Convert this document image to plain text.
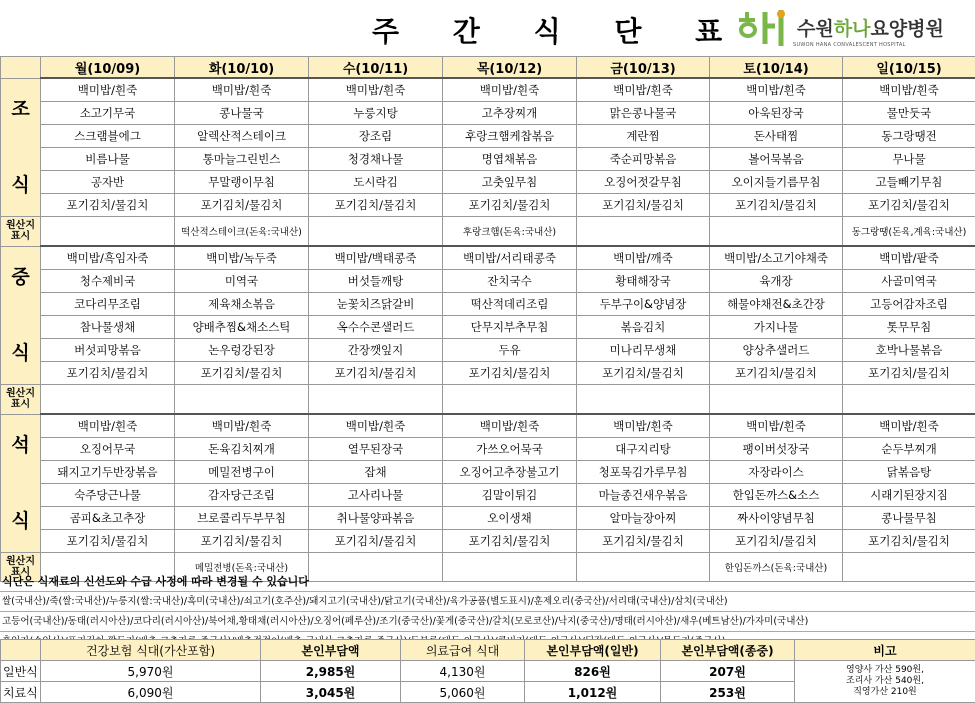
주 간 식 단 표	수원하나요양병원
SUWON HANA CONVALESCENT HOSPITAL
	월(10/09)	화(10/10)	수(10/11)	목(10/12)	금(10/13)	토(10/14)	일(10/15)
조

식	백미밥/흰죽	백미밥/흰죽	백미밥/흰죽	백미밥/흰죽	백미밥/흰죽	백미밥/흰죽	백미밥/흰죽
	소고기무국	콩나물국	누룽지탕	고추장찌개	맑은콩나물국	아욱된장국	물만둣국
	스크램블에그	알렉산적스테이크	장조림	후랑크햄케찹볶음	계란찜	돈사태찜	동그랑땡전
	비름나물	통마늘그린빈스	청경채나물	명엽채볶음	죽순피망볶음	볼어묵볶음	무나물
	공자반	무말랭이무침	도시락김	고춧잎무침	오징어젓갈무침	오이지들기름무침	고들빼기무침
	포기김치/물김치	포기김치/물김치	포기김치/물김치	포기김치/물김치	포기김치/물김치	포기김치/물김치	포기김치/물김치
원산지
표시		떡산적스테이크(돈육:국내산)		후랑크햄(돈육:국내산)			동그랑땡(돈육,계육:국내산)
중

식	백미밥/흑임자죽	백미밥/녹두죽	백미밥/백태콩죽	백미밥/서리태콩죽	백미밥/깨죽	백미밥/소고기야채죽	백미밥/팥죽
	청수제비국	미역국	버섯들깨탕	잔치국수	황태해장국	육개장	사골미역국
	코다리무조림	제육채소볶음	눈꽃치즈닭갈비	떡산적데리조림	두부구이&양념장	해물야채전&초간장	고등어감자조림
	참나물생채	양배추찜&채소스틱	옥수수콘샐러드	단무지부추무침	볶음김치	가지나물	톳무무침
	버섯피망볶음	논우렁강된장	간장깻잎지	두유	미나리무생채	양상추샐러드	호박나물볶음
	포기김치/물김치	포기김치/물김치	포기김치/물김치	포기김치/물김치	포기김치/물김치	포기김치/물김치	포기김치/물김치
원산지
표시							
석

식	백미밥/흰죽	백미밥/흰죽	백미밥/흰죽	백미밥/흰죽	백미밥/흰죽	백미밥/흰죽	백미밥/흰죽
	오징어무국	돈육김치찌개	열무된장국	가쓰오어묵국	대구지리탕	팽이버섯장국	순두부찌개
	돼지고기두반장볶음	메밀전병구이	잡채	오징어고추장불고기	청포묵김가루무침	자장라이스	닭볶음탕
	숙주당근나물	감자당근조림	고사리나물	김말이튀김	마늘종건새우볶음	한입돈까스&소스	시래기된장지짐
	곰피&초고추장	브로콜리두부무침	취나물양파볶음	오이생채	알마늘장아찌	짜사이양념무침	콩나물무침
	포기김치/물김치	포기김치/물김치	포기김치/물김치	포기김치/물김치	포기김치/물김치	포기김치/물김치	포기김치/물김치
원산지
표시		메밀전병(돈육:국내산)				한입돈까스(돈육:국내산)	
식단은 식재료의 신선도와 수급 사정에 따라 변경될 수 있습니다
쌀(국내산)/죽(쌀:국내산)/누룽지(쌀:국내산)/흑미(국내산)/쇠고기(호주산)/돼지고기(국내산)/닭고기(국내산)/육가공품(별도표시)/훈제오리(중국산)/서리태(국내산)/삼치(국내산)
고등어(국내산)/동태(러시아산)/코다리(러시아산)/북어채,황태채(러시아산)/오징어(페루산)/조기(중국산)/꽃게(중국산)/갈치(모로코산)/낙지(중국산)/명태(러시아산)/새우(베트남산)/가자미(국내산)
	건강보험 식대(가산포함)	본인부담액	의료급여 식대	본인부담액(일반)	본인부담액(종중)	비고
일반식	5,970원	2,985원	4,130원	826원	207원	영양사 가산 590원,
조리사 가산 540원,
직영가산 210원
치료식	6,090원	3,045원	5,060원	1,012원	253원	
